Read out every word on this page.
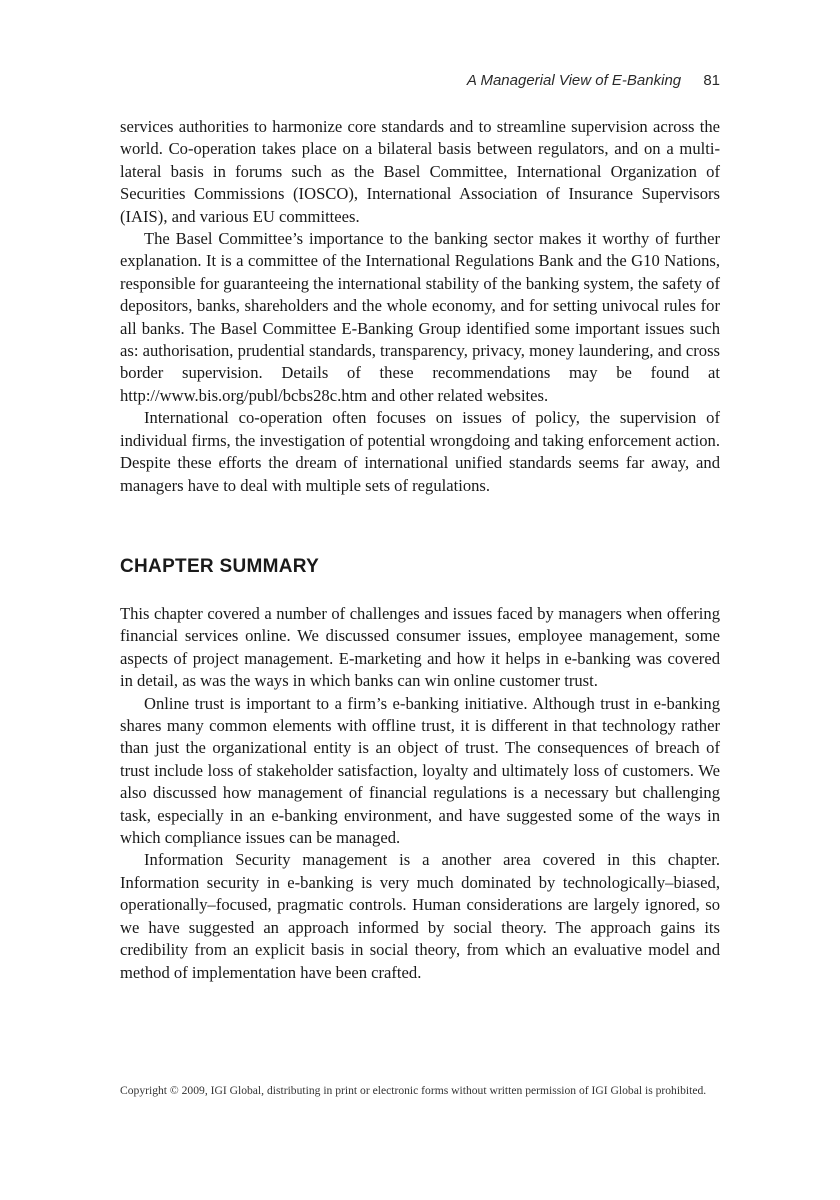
A Managerial View of E-Banking 81

services authorities to harmonize core standards and to streamline supervision across the world. Co-operation takes place on a bilateral basis between regulators, and on a multi-lateral basis in forums such as the Basel Committee, International Organization of Securities Commissions (IOSCO), International Association of Insurance Supervisors (IAIS), and various EU committees.

The Basel Committee’s importance to the banking sector makes it worthy of further explanation. It is a committee of the International Regulations Bank and the G10 Nations, responsible for guaranteeing the international stability of the banking system, the safety of depositors, banks, shareholders and the whole economy, and for setting univocal rules for all banks. The Basel Committee E-Banking Group identified some important issues such as: authorisation, prudential standards, transparency, privacy, money laundering, and cross border supervision. Details of these recommendations may be found at http://www.bis.org/publ/bcbs28c.htm and other related websites.

International co-operation often focuses on issues of policy, the supervision of individual firms, the investigation of potential wrongdoing and taking enforcement action. Despite these efforts the dream of international unified standards seems far away, and managers have to deal with multiple sets of regulations.

CHAPTER SUMMARY

This chapter covered a number of challenges and issues faced by managers when offering financial services online. We discussed consumer issues, employee management, some aspects of project management. E-marketing and how it helps in e-banking was covered in detail, as was the ways in which banks can win online customer trust.

Online trust is important to a firm’s e-banking initiative. Although trust in e-banking shares many common elements with offline trust, it is different in that technology rather than just the organizational entity is an object of trust. The consequences of breach of trust include loss of stakeholder satisfaction, loyalty and ultimately loss of customers. We also discussed how management of financial regulations is a necessary but challenging task, especially in an e-banking environment, and have suggested some of the ways in which compliance issues can be managed.

Information Security management is a another area covered in this chapter. Information security in e-banking is very much dominated by technologically–biased, operationally–focused, pragmatic controls. Human considerations are largely ignored, so we have suggested an approach informed by social theory. The approach gains its credibility from an explicit basis in social theory, from which an evaluative model and method of implementation have been crafted.

Copyright © 2009, IGI Global, distributing in print or electronic forms without written permission of IGI Global is prohibited.
